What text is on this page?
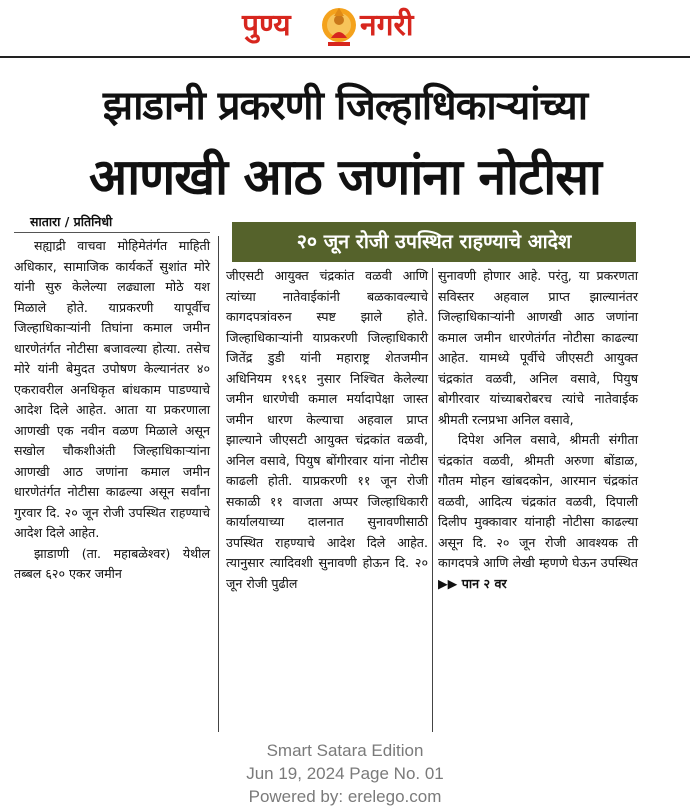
पुण्य नगरी
झाडानी प्रकरणी जिल्हाधिकाऱ्यांच्या
आणखी आठ जणांना नोटीसा
सातारा / प्रतिनिधी
२० जून रोजी उपस्थित राहण्याचे आदेश

सह्याद्री वाचवा मोहिमेतंर्गत माहिती अधिकार, सामाजिक कार्यकर्ते सुशांत मोरे यांनी सुरु केलेल्या लढ्याला मोठे यश मिळाले होते. याप्रकरणी यापूर्वीच जिल्हाधिकाऱ्यांनी तिघांना कमाल जमीन धारणेतंर्गत नोटीसा बजावल्या होत्या. तसेच मोरे यांनी बेमुदत उपोषण केल्यानंतर ४० एकरावरील अनधिकृत बांधकाम पाडण्याचे आदेश दिले आहेत. आता या प्रकरणाला आणखी एक नवीन वळण मिळाले असून सखोल चौकशीअंती जिल्हाधिकाऱ्यांना आणखी आठ जणांना कमाल जमीन धारणेतंर्गत नोटीसा काढल्या असून सर्वांना गुरवार दि. २० जून रोजी उपस्थित राहण्याचे आदेश दिले आहेत.

झाडाणी (ता. महाबळेश्वर) येथील तब्बल ६२० एकर जमीन

जीएसटी आयुक्त चंद्रकांत वळवी आणि त्यांच्या नातेवाईकांनी बळकावल्याचे कागदपत्रांवरुन स्पष्ट झाले होते. जिल्हाधिकाऱ्यांनी याप्रकरणी जिल्हाधिकारी जितेंद्र डुडी यांनी महाराष्ट्र शेतजमीन अधिनियम १९६१ नुसार निश्चित केलेल्या जमीन धारणेची कमाल मर्यादापेक्षा जास्त जमीन धारण केल्याचा अहवाल प्राप्त झाल्याने जीएसटी आयुक्त चंद्रकांत वळवी, अनिल वसावे, पियुष बोंगीरवार यांना नोटीस काढली होती. याप्रकरणी ११ जून रोजी सकाळी ११ वाजता अप्पर जिल्हाधिकारी कार्यालयाच्या दालनात सुनावणीसाठी उपस्थित राहण्याचे आदेश दिले आहेत. त्यानुसार त्यादिवशी सुनावणी होऊन दि. २० जून रोजी पुढील

सुनावणी होणार आहे. परंतु, या प्रकरणता सविस्तर अहवाल प्राप्त झाल्यानंतर जिल्हाधिकाऱ्यांनी आणखी आठ जणांना कमाल जमीन धारणेतंर्गत नोटीसा काढल्या आहेत. यामध्ये पूर्वीचे जीएसटी आयुक्त चंद्रकांत वळवी, अनिल वसावे, पियुष बोगीरवार यांच्याबरोबरच त्यांचे नातेवाईक श्रीमती रत्नप्रभा अनिल वसावे,

दिपेश अनिल वसावे, श्रीमती संगीता चंद्रकांत वळवी, श्रीमती अरुणा बोंडाळ, गौतम मोहन खांबदकोन, आरमान चंद्रकांत वळवी, आदित्य चंद्रकांत वळवी, दिपाली दिलीप मुक्कावार यांनाही नोटीसा काढल्या असून दि. २० जून रोजी आवश्यक ती कागदपत्रे आणि लेखी म्हणणे घेऊन उपस्थित ▶▶ पान २ वर

Smart Satara Edition
Jun 19, 2024 Page No. 01
Powered by: erelego.com
